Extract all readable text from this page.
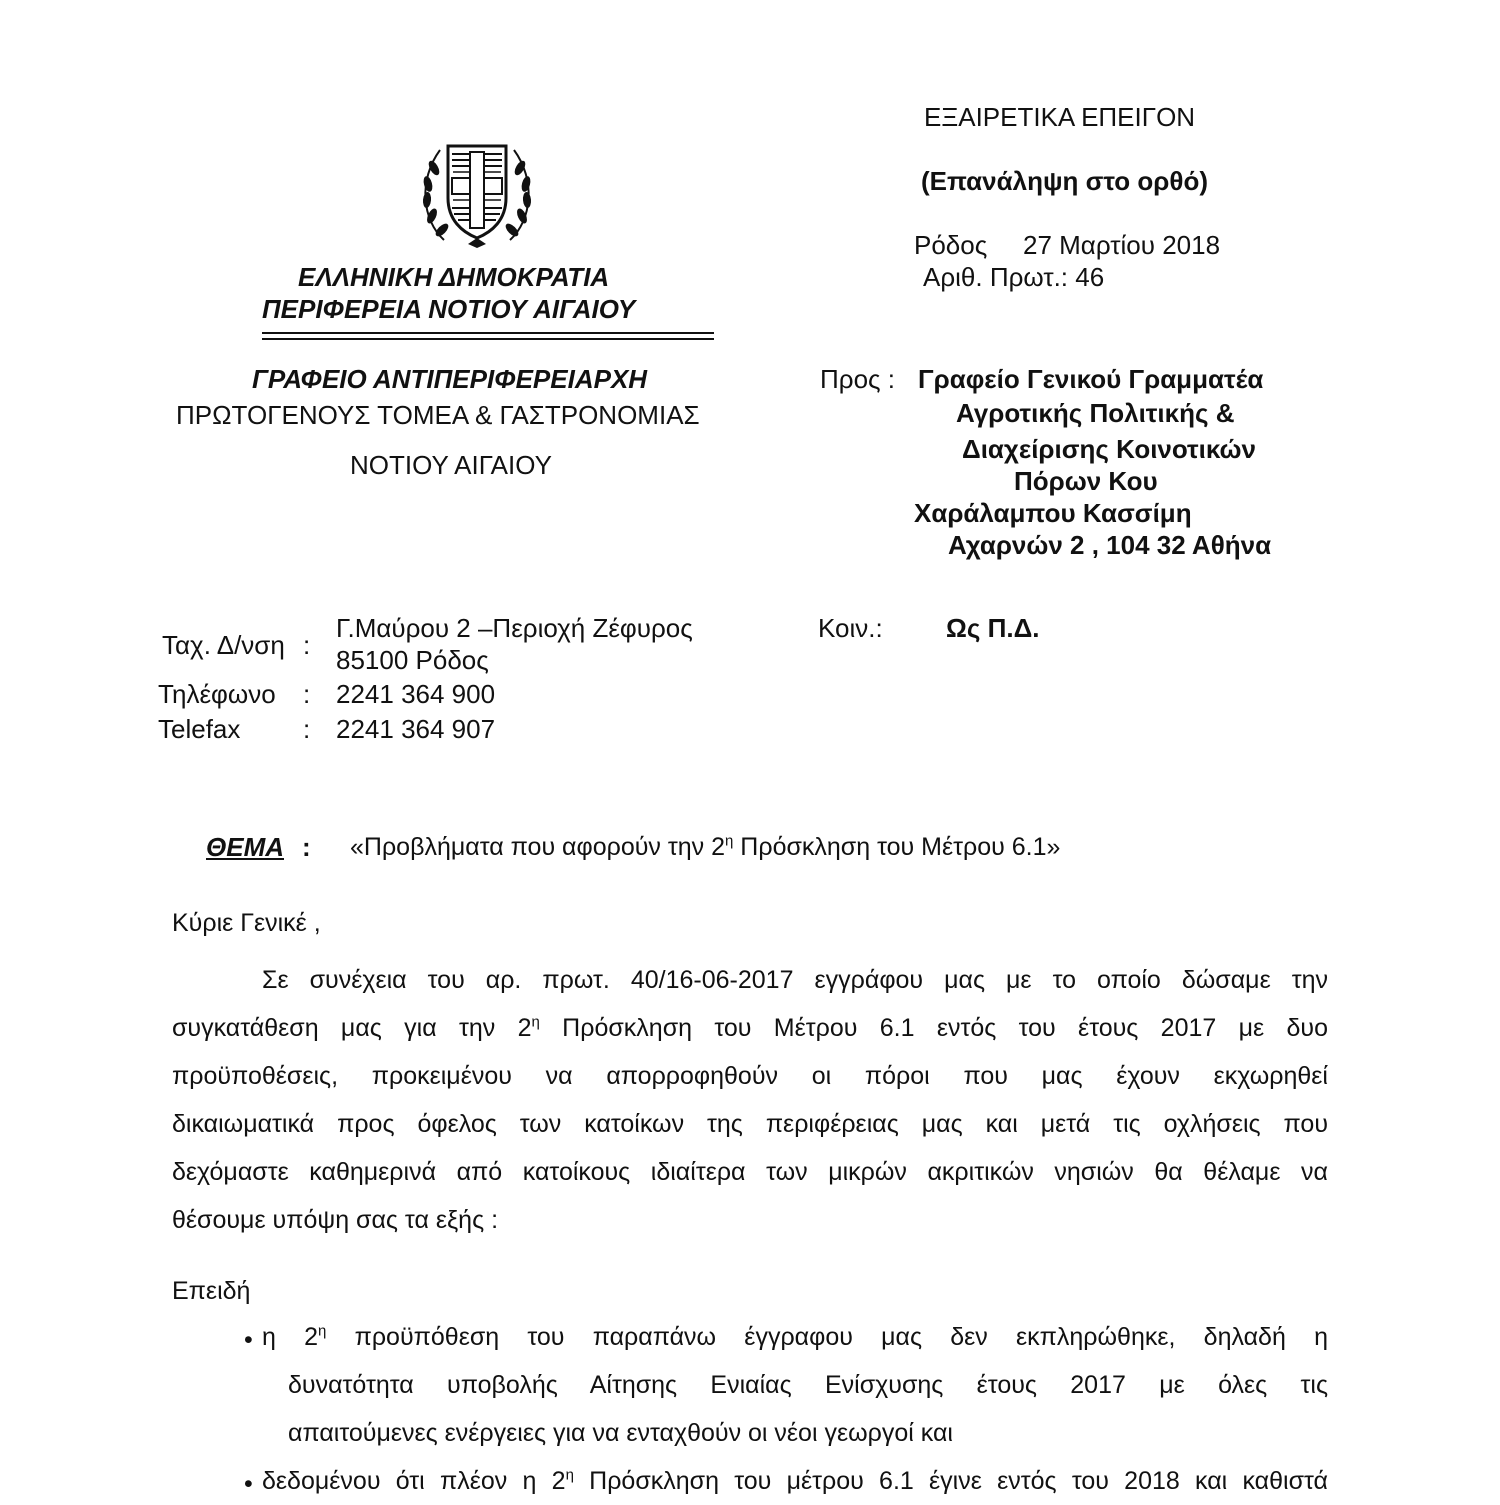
ΕΞΑΙΡΕΤΙΚΑ ΕΠΕΙΓΟΝ
(Επανάληψη στο ορθό)
Ρόδος 27 Μαρτίου 2018
Αριθ. Πρωτ.: 46
ΕΛΛΗΝΙΚΗ ΔΗΜΟΚΡΑΤΙΑ
ΠΕΡΙΦΕΡΕΙΑ ΝΟΤΙΟΥ ΑΙΓΑΙΟΥ
ΓΡΑΦΕΙΟ ΑΝΤΙΠΕΡΙΦΕΡΕΙΑΡΧΗ
ΠΡΩΤΟΓΕΝΟΥΣ ΤΟΜΕΑ & ΓΑΣΤΡΟΝΟΜΙΑΣ
ΝΟΤΙΟΥ ΑΙΓΑΙΟΥ
Προς : Γραφείο Γενικού Γραμματέα
Αγροτικής Πολιτικής &
Διαχείρισης Κοινοτικών
Πόρων Κου
Χαράλαμπου Κασσίμη
Αχαρνών 2 , 104 32 Αθήνα
Ταχ. Δ/νση :
Γ.Μαύρου 2 –Περιοχή Ζέφυρος
85100 Ρόδος
Τηλέφωνο : 2241 364 900
Telefax : 2241 364 907
Κοιν.: Ως Π.Δ.
ΘΕΜΑ : «Προβλήματα που αφορούν την $2^\eta$ Πρόσκληση του Μέτρου 6.1»
Κύριε Γενικέ ,
Σε συνέχεια του αρ. πρωτ. 40/16-06-2017 εγγράφου μας με το οποίο δώσαμε την
συγκατάθεση μας για την $2^\eta$ Πρόσκληση του Μέτρου 6.1 εντός του έτους 2017 με δυο
προϋποθέσεις, προκειμένου να απορροφηθούν οι πόροι που μας έχουν εκχωρηθεί
δικαιωματικά προς όφελος των κατοίκων της περιφέρειας μας και μετά τις οχλήσεις που
δεχόμαστε καθημερινά από κατοίκους ιδιαίτερα των μικρών ακριτικών νησιών θα θέλαμε να
θέσουμε υπόψη σας τα εξής :
Επειδή
• η $2^\eta$ προϋπόθεση του παραπάνω έγγραφου μας δεν εκπληρώθηκε, δηλαδή η
δυνατότητα υποβολής Αίτησης Ενιαίας Ενίσχυσης έτους 2017 με όλες τις
απαιτούμενες ενέργειες για να ενταχθούν οι νέοι γεωργοί και
• δεδομένου ότι πλέον η $2^\eta$ Πρόσκληση του μέτρου 6.1 έγινε εντός του 2018 και καθιστά
